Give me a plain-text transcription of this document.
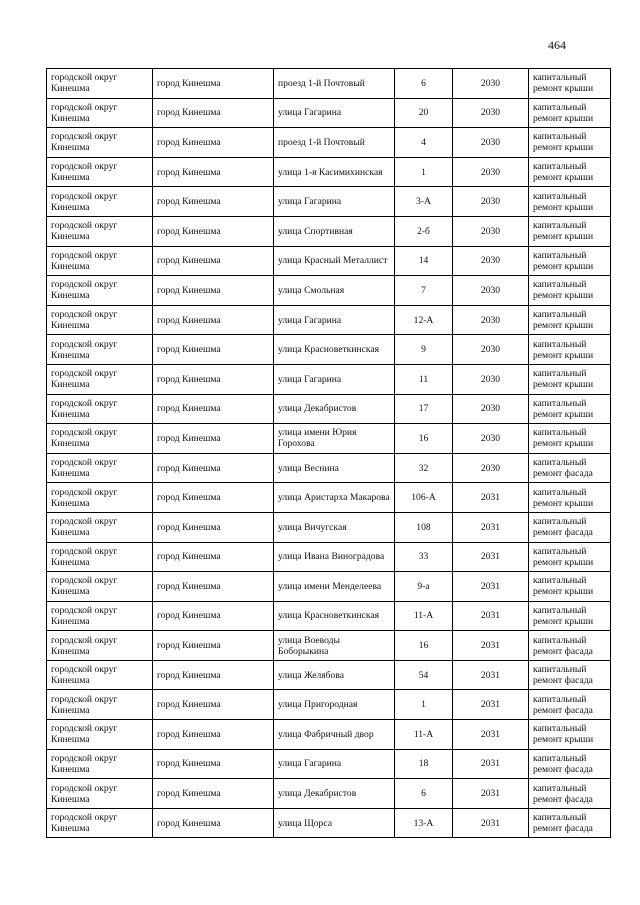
464
городской округ Кинешма	город Кинешма	проезд 1-й Почтовый	6	2030	капитальный ремонт крыши
городской округ Кинешма	город Кинешма	улица Гагарина	20	2030	капитальный ремонт крыши
городской округ Кинешма	город Кинешма	проезд 1-й Почтовый	4	2030	капитальный ремонт крыши
городской округ Кинешма	город Кинешма	улица 1-я Касимихинская	1	2030	капитальный ремонт крыши
городской округ Кинешма	город Кинешма	улица Гагарина	3-А	2030	капитальный ремонт крыши
городской округ Кинешма	город Кинешма	улица Спортивная	2-б	2030	капитальный ремонт крыши
городской округ Кинешма	город Кинешма	улица Красный Металлист	14	2030	капитальный ремонт крыши
городской округ Кинешма	город Кинешма	улица Смольная	7	2030	капитальный ремонт крыши
городской округ Кинешма	город Кинешма	улица Гагарина	12-А	2030	капитальный ремонт крыши
городской округ Кинешма	город Кинешма	улица Красноветкинская	9	2030	капитальный ремонт крыши
городской округ Кинешма	город Кинешма	улица Гагарина	11	2030	капитальный ремонт крыши
городской округ Кинешма	город Кинешма	улица Декабристов	17	2030	капитальный ремонт крыши
городской округ Кинешма	город Кинешма	улица имени Юрия Горохова	16	2030	капитальный ремонт крыши
городской округ Кинешма	город Кинешма	улица Веснина	32	2030	капитальный ремонт фасада
городской округ Кинешма	город Кинешма	улица Аристарха Макарова	106-А	2031	капитальный ремонт крыши
городской округ Кинешма	город Кинешма	улица Вичугская	108	2031	капитальный ремонт фасада
городской округ Кинешма	город Кинешма	улица Ивана Виноградова	33	2031	капитальный ремонт крыши
городской округ Кинешма	город Кинешма	улица имени Менделеева	9-а	2031	капитальный ремонт крыши
городской округ Кинешма	город Кинешма	улица Красноветкинская	11-А	2031	капитальный ремонт крыши
городской округ Кинешма	город Кинешма	улица Воеводы Боборыкина	16	2031	капитальный ремонт фасада
городской округ Кинешма	город Кинешма	улица Желябова	54	2031	капитальный ремонт фасада
городской округ Кинешма	город Кинешма	улица Пригородная	1	2031	капитальный ремонт фасада
городской округ Кинешма	город Кинешма	улица Фабричный двор	11-А	2031	капитальный ремонт крыши
городской округ Кинешма	город Кинешма	улица Гагарина	18	2031	капитальный ремонт фасада
городской округ Кинешма	город Кинешма	улица Декабристов	6	2031	капитальный ремонт фасада
городской округ Кинешма	город Кинешма	улица Щорса	13-А	2031	капитальный ремонт фасада
